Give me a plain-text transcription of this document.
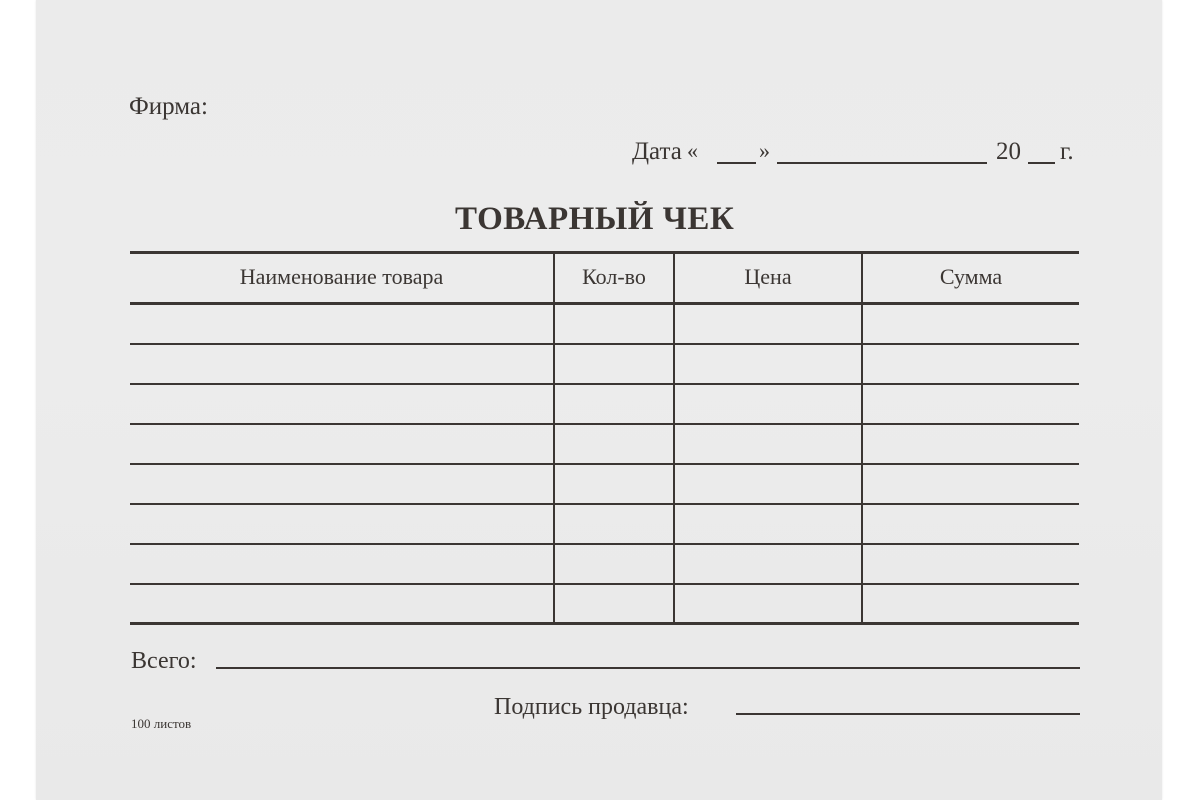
Фирма:
Дата «	»	20 г.
ТОВАРНЫЙ ЧЕК
Наименование товара	Кол-во	Цена	Сумма
Всего:
Подпись продавца:
100 листов
